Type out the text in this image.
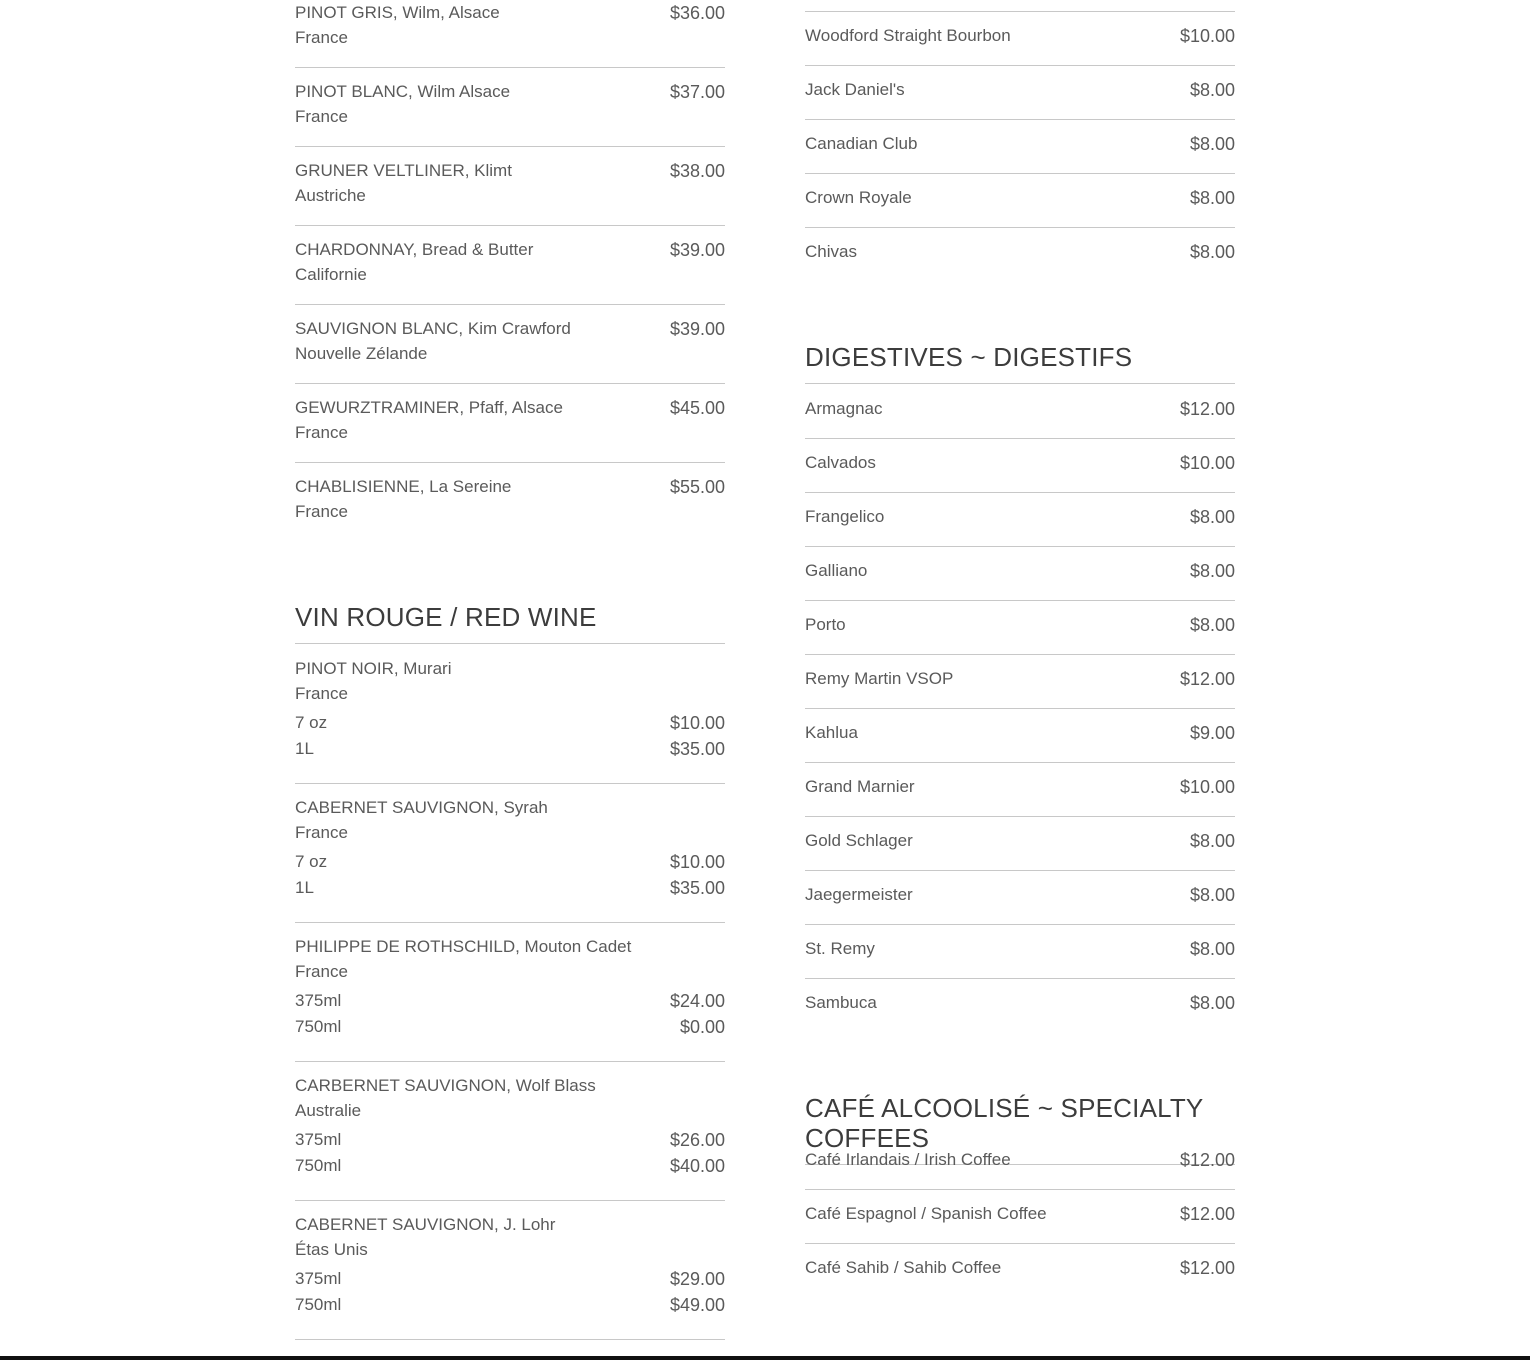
PINOT GRIS, Wilm, Alsace
France
$36.00
PINOT BLANC, Wilm Alsace
France
$37.00
GRUNER VELTLINER, Klimt
Austriche
$38.00
CHARDONNAY, Bread & Butter
Californie
$39.00
SAUVIGNON BLANC, Kim Crawford
Nouvelle Zélande
$39.00
GEWURZTRAMINER, Pfaff, Alsace
France
$45.00
CHABLISIENNE, La Sereine
France
$55.00
VIN ROUGE / RED WINE
PINOT NOIR, Murari
France
7 oz	$10.00
1L	$35.00
CABERNET SAUVIGNON, Syrah
France
7 oz	$10.00
1L	$35.00
PHILIPPE DE ROTHSCHILD, Mouton Cadet
France
375ml	$24.00
750ml	$0.00
CARBERNET SAUVIGNON, Wolf Blass
Australie
375ml	$26.00
750ml	$40.00
CABERNET SAUVIGNON, J. Lohr
Étas Unis
375ml	$29.00
750ml	$49.00
Woodford Straight Bourbon	$10.00
Jack Daniel's	$8.00
Canadian Club	$8.00
Crown Royale	$8.00
Chivas	$8.00
DIGESTIVES ~ DIGESTIFS
Armagnac	$12.00
Calvados	$10.00
Frangelico	$8.00
Galliano	$8.00
Porto	$8.00
Remy Martin VSOP	$12.00
Kahlua	$9.00
Grand Marnier	$10.00
Gold Schlager	$8.00
Jaegermeister	$8.00
St. Remy	$8.00
Sambuca	$8.00
CAFÉ ALCOOLISÉ ~ SPECIALTY COFFEES
Café Irlandais / Irish Coffee	$12.00
Café Espagnol / Spanish Coffee	$12.00
Café Sahib / Sahib Coffee	$12.00
